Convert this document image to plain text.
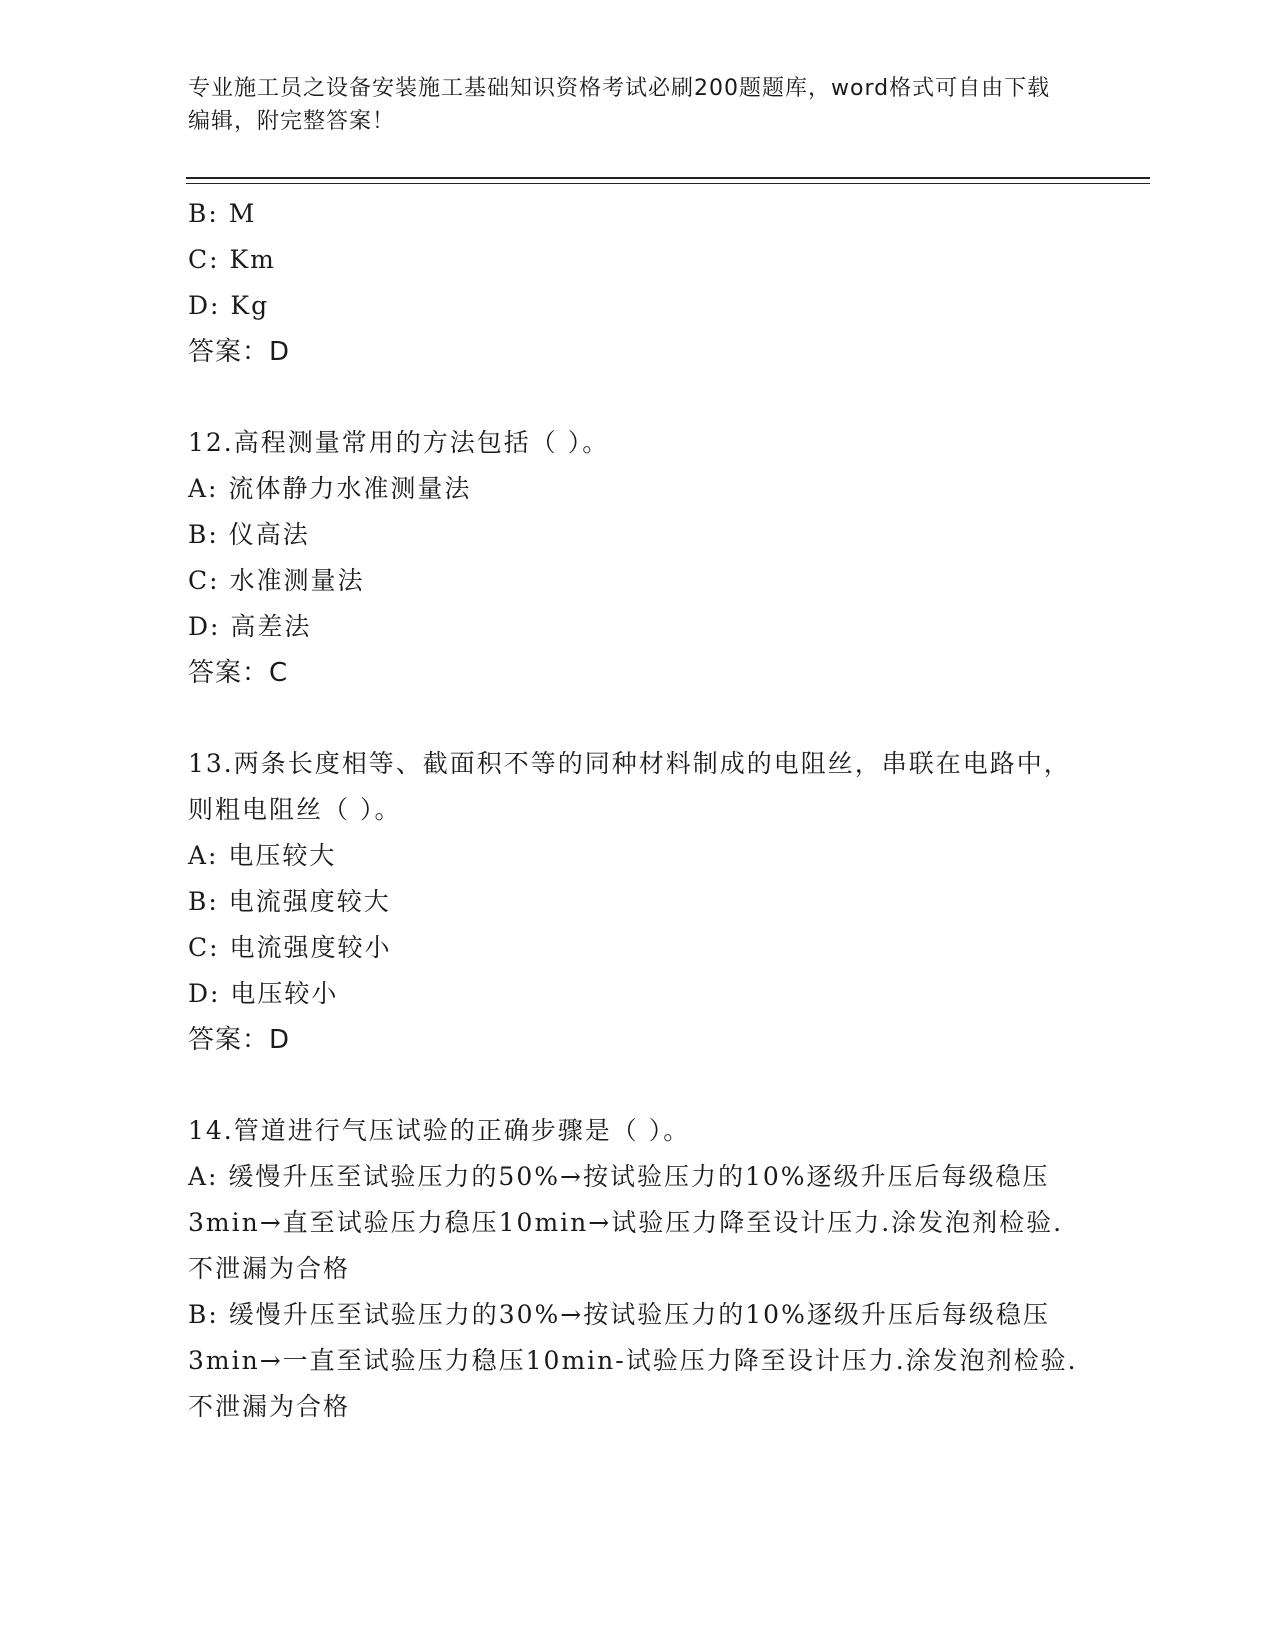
专业施工员之设备安装施工基础知识资格考试必刷200题题库，word格式可自由下载编辑，附完整答案！
B: M
C: Km
D: Kg
答案：D
12.高程测量常用的方法包括（ ）。
A: 流体静力水准测量法
B: 仪高法
C: 水准测量法
D: 高差法
答案：C
13.两条长度相等、截面积不等的同种材料制成的电阻丝，串联在电路中，则粗电阻丝（ ）。
A: 电压较大
B: 电流强度较大
C: 电流强度较小
D: 电压较小
答案：D
14.管道进行气压试验的正确步骤是（ ）。
A: 缓慢升压至试验压力的50%→按试验压力的10%逐级升压后每级稳压3min→直至试验压力稳压10min→试验压力降至设计压力.涂发泡剂检验.不泄漏为合格
B: 缓慢升压至试验压力的30%→按试验压力的10%逐级升压后每级稳压3min→一直至试验压力稳压10min-试验压力降至设计压力.涂发泡剂检验.不泄漏为合格
